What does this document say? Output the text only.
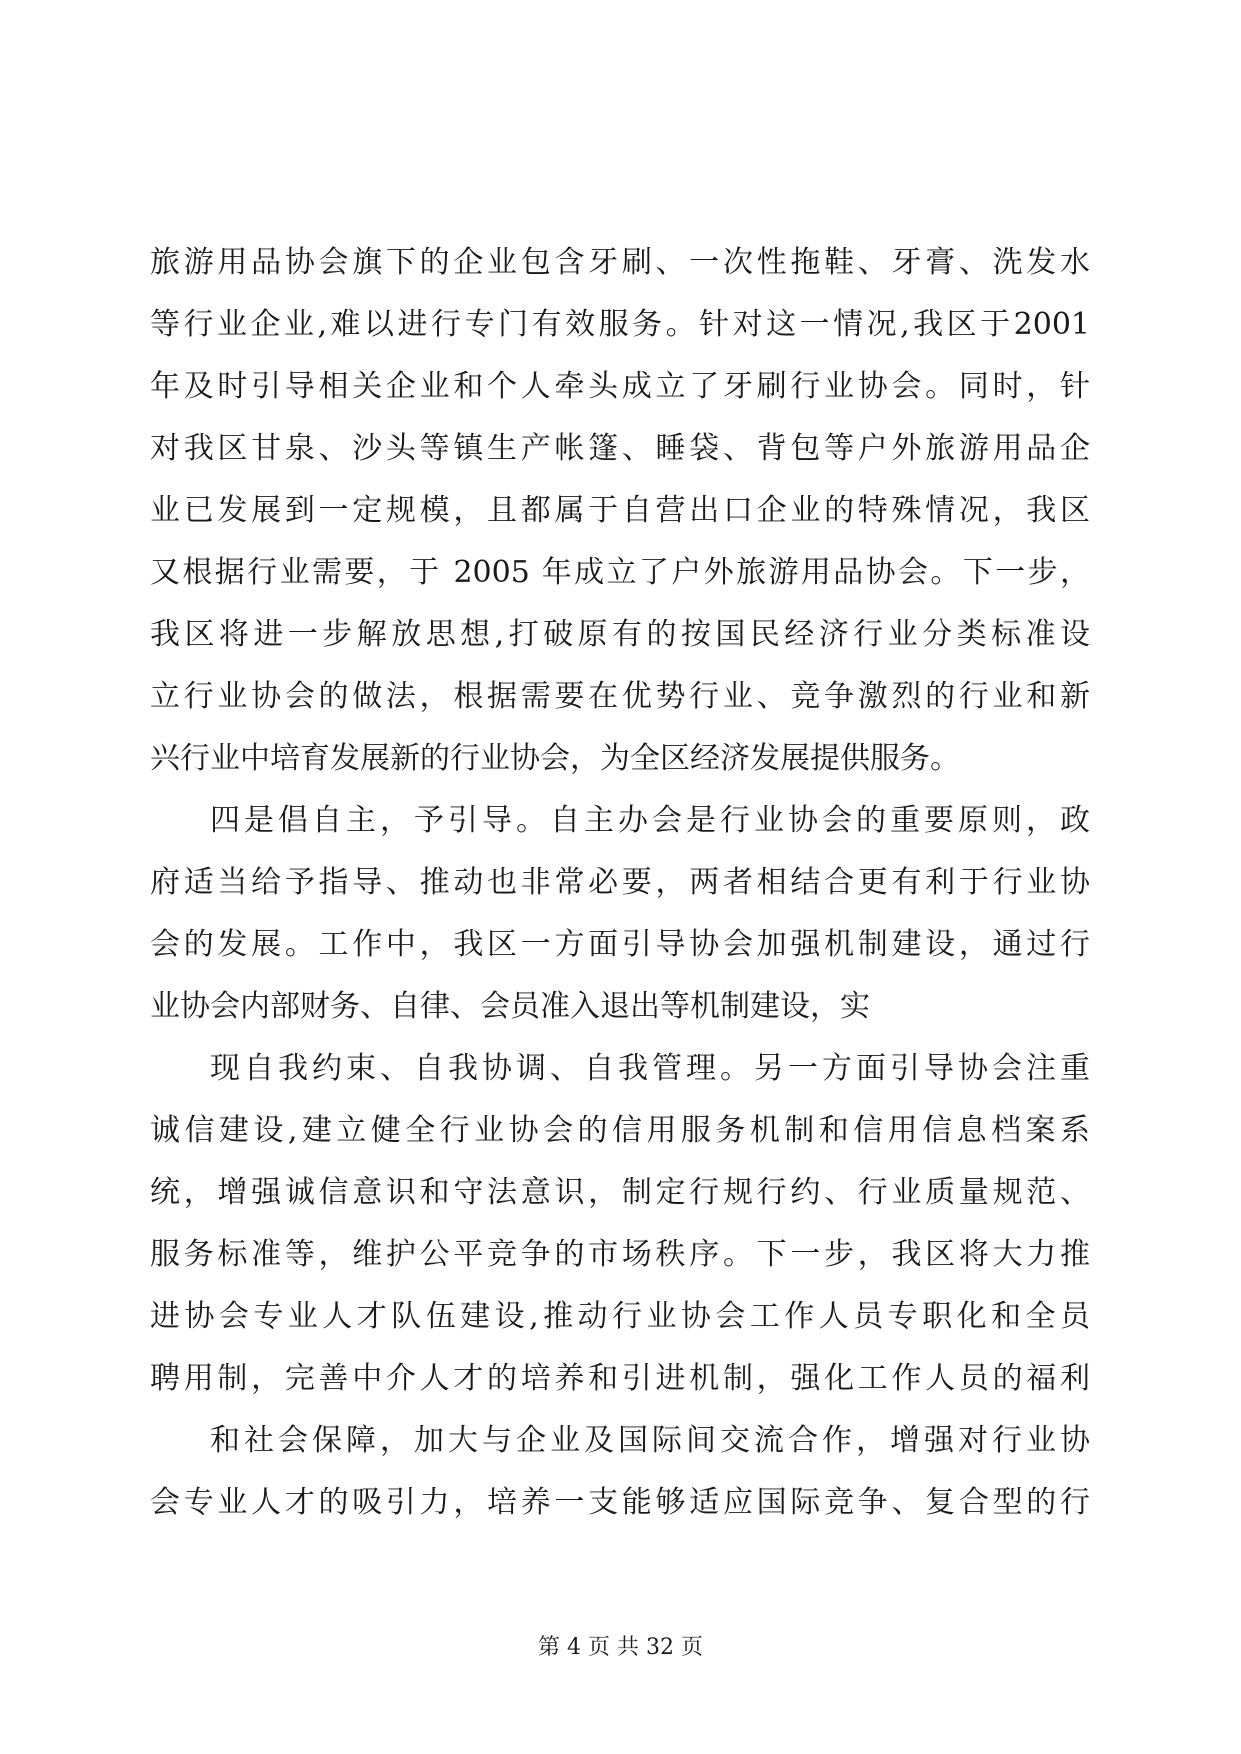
旅游用品协会旗下的企业包含牙刷、一次性拖鞋、牙膏、洗发水
等行业企业,难以进行专门有效服务。针对这一情况,我区于2001
年及时引导相关企业和个人牵头成立了牙刷行业协会。同时，针
对我区甘泉、沙头等镇生产帐篷、睡袋、背包等户外旅游用品企
业已发展到一定规模，且都属于自营出口企业的特殊情况，我区
又根据行业需要，于 2005 年成立了户外旅游用品协会。下一步，
我区将进一步解放思想,打破原有的按国民经济行业分类标准设
立行业协会的做法，根据需要在优势行业、竞争激烈的行业和新
兴行业中培育发展新的行业协会，为全区经济发展提供服务。
四是倡自主，予引导。自主办会是行业协会的重要原则，政
府适当给予指导、推动也非常必要，两者相结合更有利于行业协
会的发展。工作中，我区一方面引导协会加强机制建设，通过行
业协会内部财务、自律、会员准入退出等机制建设，实
现自我约束、自我协调、自我管理。另一方面引导协会注重
诚信建设,建立健全行业协会的信用服务机制和信用信息档案系
统，增强诚信意识和守法意识，制定行规行约、行业质量规范、
服务标准等，维护公平竞争的市场秩序。下一步，我区将大力推
进协会专业人才队伍建设,推动行业协会工作人员专职化和全员
聘用制，完善中介人才的培养和引进机制，强化工作人员的福利
和社会保障，加大与企业及国际间交流合作，增强对行业协
会专业人才的吸引力，培养一支能够适应国际竞争、复合型的行
第 4 页 共 32 页
